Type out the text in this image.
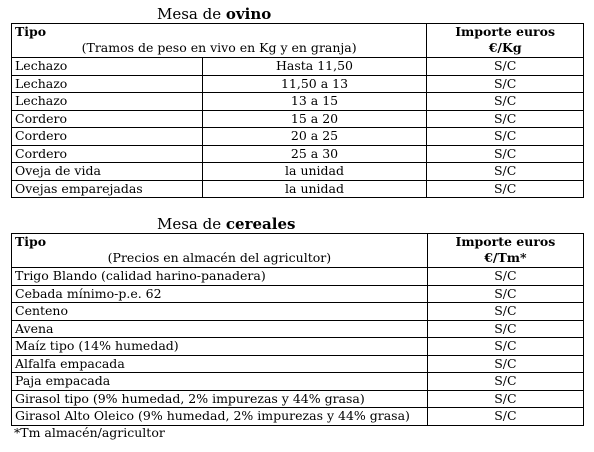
Mesa de ovino
Tipo
(Tramos de peso en vivo en Kg y en granja)		Importe euros
€/Kg

Lechazo	Hasta 11,50	S/C
Lechazo	11,50 a 13	S/C
Lechazo	13 a 15	S/C
Cordero	15 a 20	S/C
Cordero	20 a 25	S/C
Cordero	25 a 30	S/C
Oveja de vida	la unidad	S/C
Ovejas emparejadas	la unidad	S/C
Mesa de cereales
Tipo
(Precios en almacén del agricultor)	Importe euros
€/Tm*

Trigo Blando (calidad harino-panadera)	S/C
Cebada mínimo-p.e. 62	S/C
Centeno	S/C
Avena	S/C
Maíz tipo (14% humedad)	S/C
Alfalfa empacada	S/C
Paja empacada	S/C
Girasol tipo (9% humedad, 2% impurezas y 44% grasa)	S/C
Girasol Alto Oleico (9% humedad, 2% impurezas y 44% grasa)	S/C
*Tm almacén/agricultor
